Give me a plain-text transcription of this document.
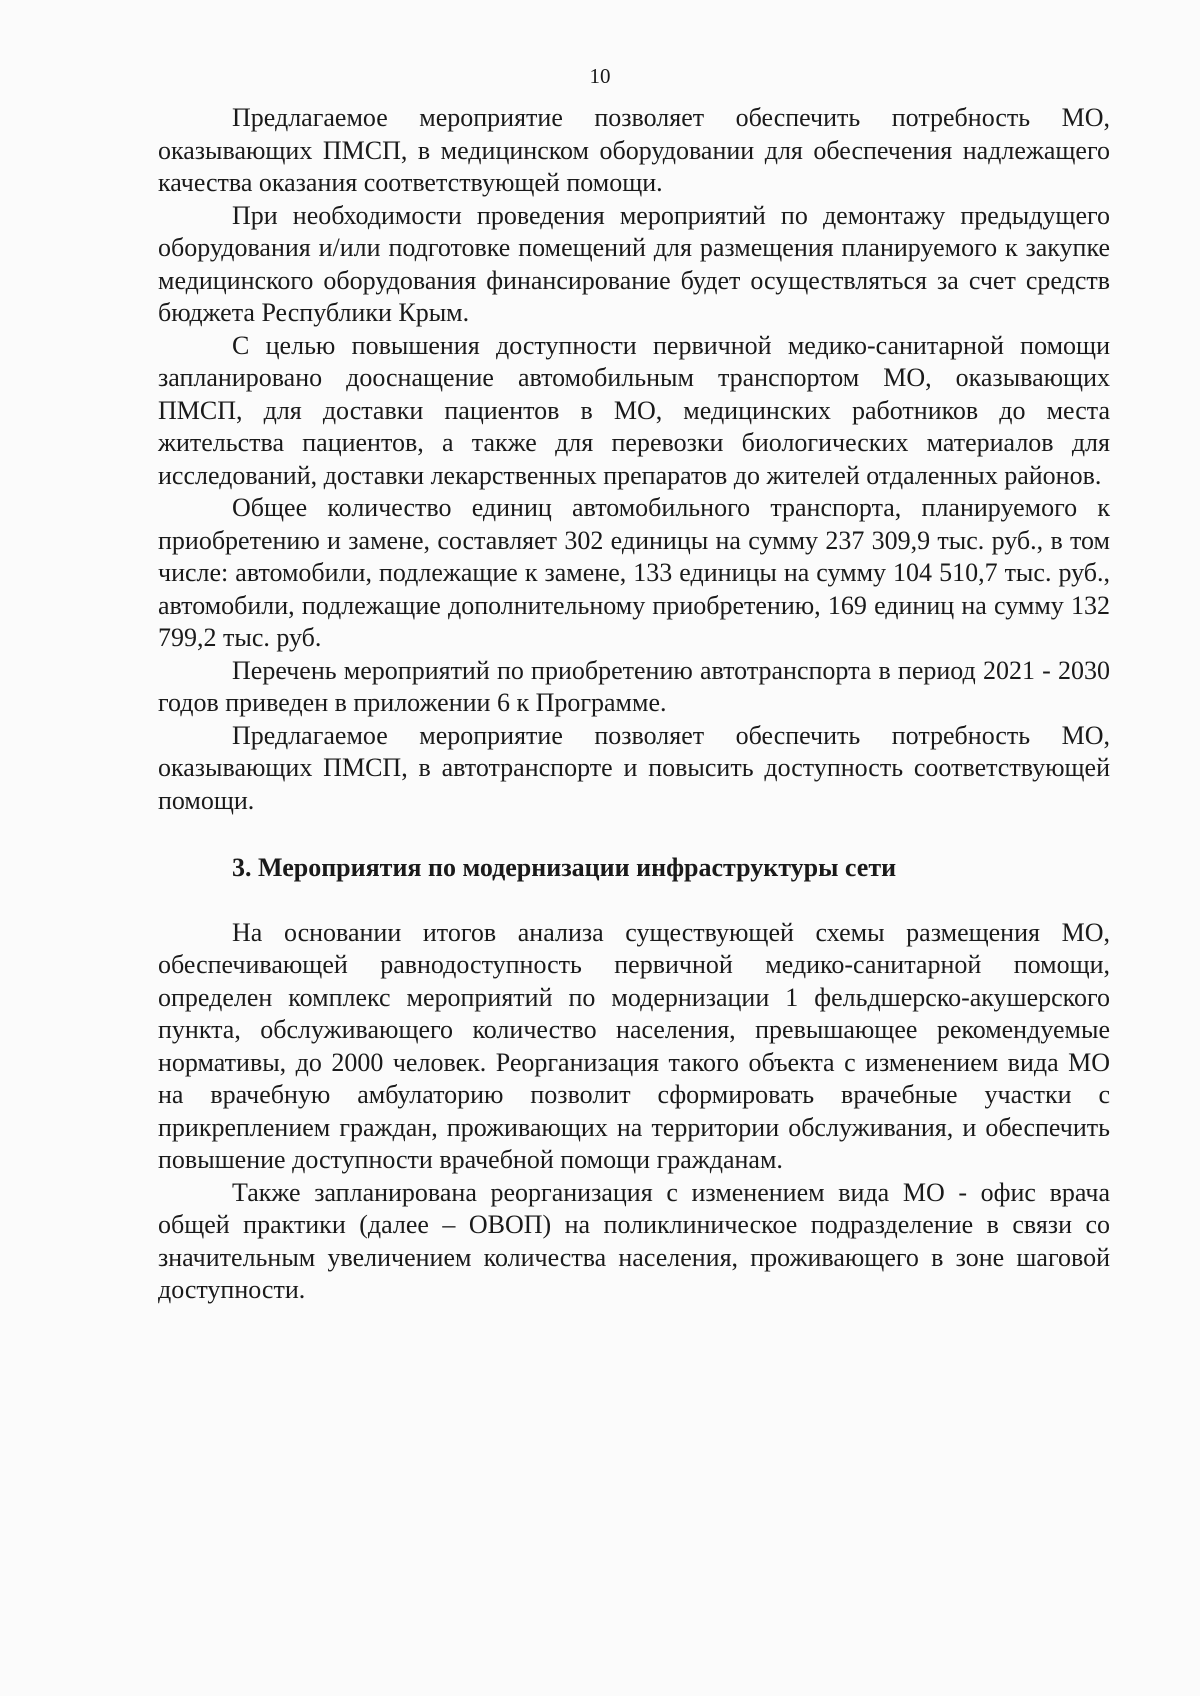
10

Предлагаемое мероприятие позволяет обеспечить потребность МО, оказывающих ПМСП, в медицинском оборудовании для обеспечения надлежащего качества оказания соответствующей помощи.

При необходимости проведения мероприятий по демонтажу предыдущего оборудования и/или подготовке помещений для размещения планируемого к закупке медицинского оборудования финансирование будет осуществляться за счет средств бюджета Республики Крым.

С целью повышения доступности первичной медико-санитарной помощи запланировано дооснащение автомобильным транспортом МО, оказывающих ПМСП, для доставки пациентов в МО, медицинских работников до места жительства пациентов, а также для перевозки биологических материалов для исследований, доставки лекарственных препаратов до жителей отдаленных районов.

Общее количество единиц автомобильного транспорта, планируемого к приобретению и замене, составляет 302 единицы на сумму 237 309,9 тыс. руб., в том числе: автомобили, подлежащие к замене, 133 единицы на сумму 104 510,7 тыс. руб., автомобили, подлежащие дополнительному приобретению, 169 единиц на сумму 132 799,2 тыс. руб.

Перечень мероприятий по приобретению автотранспорта в период 2021 - 2030 годов приведен в приложении 6 к Программе.

Предлагаемое мероприятие позволяет обеспечить потребность МО, оказывающих ПМСП, в автотранспорте и повысить доступность соответствующей помощи.

3. Мероприятия по модернизации инфраструктуры сети

На основании итогов анализа существующей схемы размещения МО, обеспечивающей равнодоступность первичной медико-санитарной помощи, определен комплекс мероприятий по модернизации 1 фельдшерско-акушерского пункта, обслуживающего количество населения, превышающее рекомендуемые нормативы, до 2000 человек. Реорганизация такого объекта с изменением вида МО на врачебную амбулаторию позволит сформировать врачебные участки с прикреплением граждан, проживающих на территории обслуживания, и обеспечить повышение доступности врачебной помощи гражданам.

Также запланирована реорганизация с изменением вида МО - офис врача общей практики (далее – ОВОП) на поликлиническое подразделение в связи со значительным увеличением количества населения, проживающего в зоне шаговой доступности.
